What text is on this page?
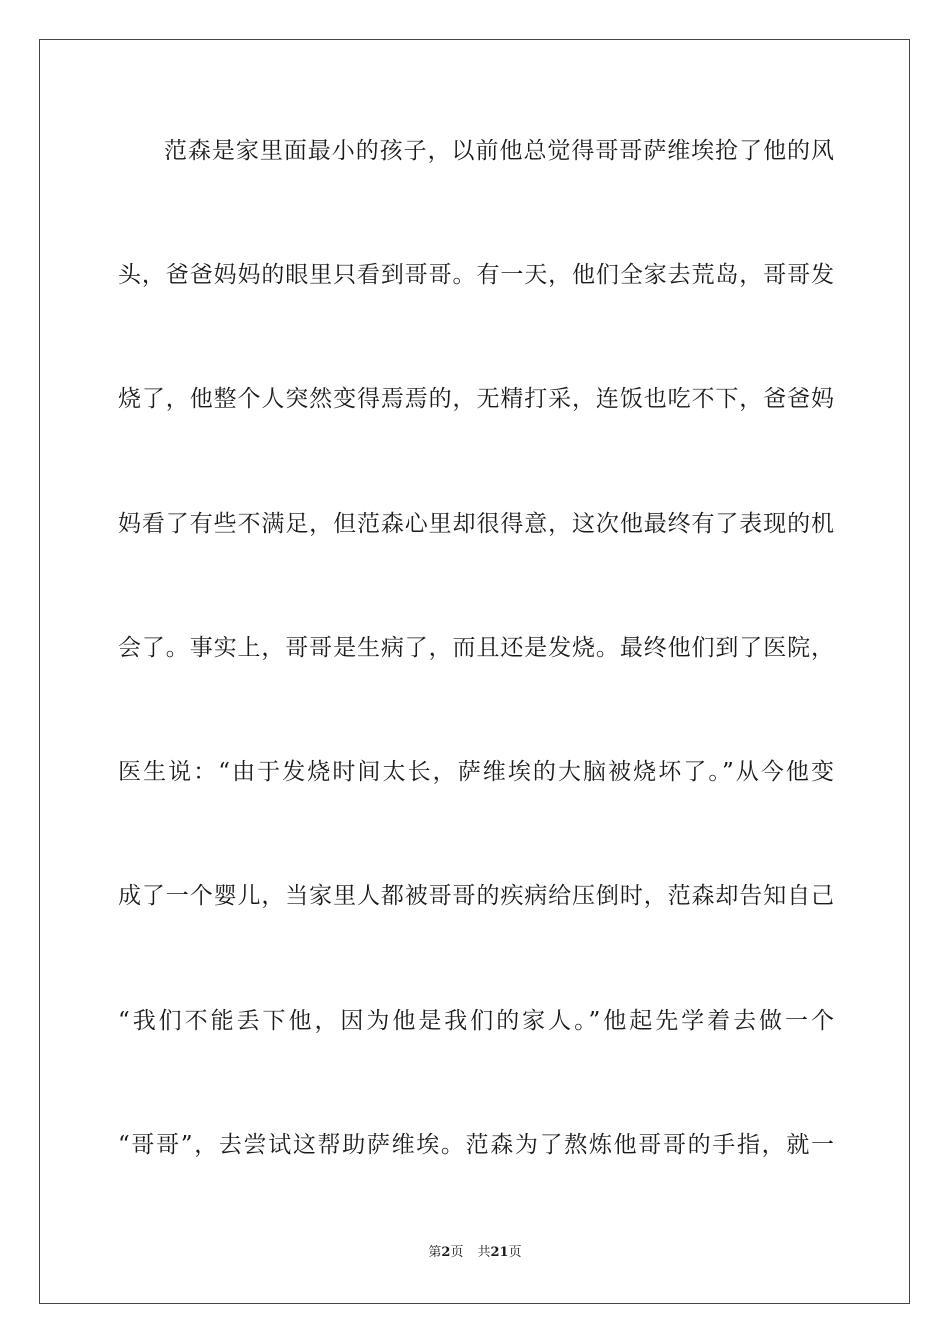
范森是家里面最小的孩子，以前他总觉得哥哥萨维埃抢了他的风
头，爸爸妈妈的眼里只看到哥哥。有一天，他们全家去荒岛，哥哥发
烧了，他整个人突然变得焉焉的，无精打采，连饭也吃不下，爸爸妈
妈看了有些不满足，但范森心里却很得意，这次他最终有了表现的机
会了。事实上，哥哥是生病了，而且还是发烧。最终他们到了医院，
医生说：“由于发烧时间太长，萨维埃的大脑被烧坏了。”从今他变
成了一个婴儿，当家里人都被哥哥的疾病给压倒时，范森却告知自己
“我们不能丢下他，因为他是我们的家人。”他起先学着去做一个
“哥哥”，去尝试这帮助萨维埃。范森为了熬炼他哥哥的手指，就一
第2页 共21页
